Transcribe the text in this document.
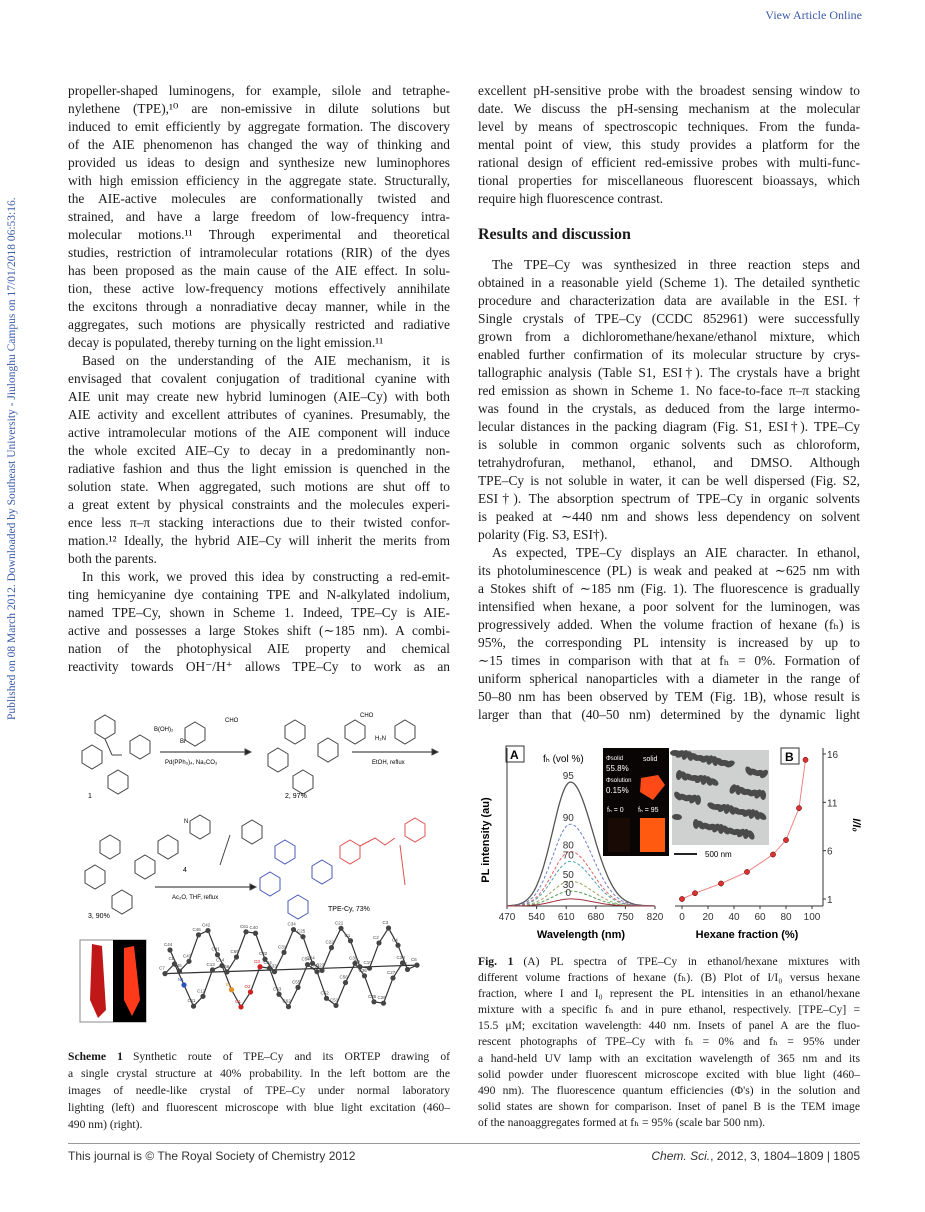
View Article Online
Published on 08 March 2012. Downloaded by Southeast University - Jiulonghu Campus on 17/01/2018 06:53:16.
propeller-shaped luminogens, for example, silole and tetraphe-
nylethene (TPE),¹⁰ are non-emissive in dilute solutions but
induced to emit efficiently by aggregate formation. The discovery
of the AIE phenomenon has changed the way of thinking and
provided us ideas to design and synthesize new luminophores
with high emission efficiency in the aggregate state. Structurally,
the AIE-active molecules are conformationally twisted and
strained, and have a large freedom of low-frequency intra-
molecular motions.¹¹ Through experimental and theoretical
studies, restriction of intramolecular rotations (RIR) of the dyes
has been proposed as the main cause of the AIE effect. In solu-
tion, these active low-frequency motions effectively annihilate
the excitons through a nonradiative decay manner, while in the
aggregates, such motions are physically restricted and radiative
decay is populated, thereby turning on the light emission.¹¹
Based on the understanding of the AIE mechanism, it is
envisaged that covalent conjugation of traditional cyanine with
AIE unit may create new hybrid luminogen (AIE–Cy) with both
AIE activity and excellent attributes of cyanines. Presumably, the
active intramolecular motions of the AIE component will induce
the whole excited AIE–Cy to decay in a predominantly non-
radiative fashion and thus the light emission is quenched in the
solution state. When aggregated, such motions are shut off to
a great extent by physical constraints and the molecules experi-
ence less π–π stacking interactions due to their twisted confor-
mation.¹² Ideally, the hybrid AIE–Cy will inherit the merits from
both the parents.
In this work, we proved this idea by constructing a red-emit-
ting hemicyanine dye containing TPE and N-alkylated indolium,
named TPE–Cy, shown in Scheme 1. Indeed, TPE–Cy is AIE-
active and possesses a large Stokes shift (∼185 nm). A combi-
nation of the photophysical AIE property and chemical
reactivity towards OH⁻/H⁺ allows TPE–Cy to work as an
excellent pH-sensitive probe with the broadest sensing window to
date. We discuss the pH-sensing mechanism at the molecular
level by means of spectroscopic techniques. From the funda-
mental point of view, this study provides a platform for the
rational design of efficient red-emissive probes with multi-func-
tional properties for miscellaneous fluorescent bioassays, which
require high fluorescence contrast.
Results and discussion
The TPE–Cy was synthesized in three reaction steps and
obtained in a reasonable yield (Scheme 1). The detailed synthetic
procedure and characterization data are available in the ESI.†
Single crystals of TPE–Cy (CCDC 852961) were successfully
grown from a dichloromethane/hexane/ethanol mixture, which
enabled further confirmation of its molecular structure by crys-
tallographic analysis (Table S1, ESI†). The crystals have a bright
red emission as shown in Scheme 1. No face-to-face π–π stacking
was found in the crystals, as deduced from the large intermo-
lecular distances in the packing diagram (Fig. S1, ESI†). TPE–Cy
is soluble in common organic solvents such as chloroform,
tetrahydrofuran, methanol, ethanol, and DMSO. Although
TPE–Cy is not soluble in water, it can be well dispersed (Fig. S2,
ESI†). The absorption spectrum of TPE–Cy in organic solvents
is peaked at ∼440 nm and shows less dependency on solvent
polarity (Fig. S3, ESI†).
As expected, TPE–Cy displays an AIE character. In ethanol,
its photoluminescence (PL) is weak and peaked at ∼625 nm with
a Stokes shift of ∼185 nm (Fig. 1). The fluorescence is gradually
intensified when hexane, a poor solvent for the luminogen, was
progressively added. When the volume fraction of hexane (fₕ) is
95%, the corresponding PL intensity is increased by up to
∼15 times in comparison with that at fₕ = 0%. Formation of
uniform spherical nanoparticles with a diameter in the range of
50–80 nm has been observed by TEM (Fig. 1B), whose result is
larger than that (40–50 nm) determined by the dynamic light
1	2, 97%
3, 90%
4
TPE-Cy, 73%
B(OH)₂
Br
CHO
CHO
H₂N
N
Pd(PPh₃)₄, Na₂CO₃	EtOH, reflux
Ac₂O, THF, reflux
C44
C45
C43
C46
C42
C41
C66
C65
C61 C40
C32
C33
C31
C34
C25
C24
C23
C22
C21
C1
C9 C10
C2
C3
C4
C5
C6
C7
C8
N1
C11
C12
C13
C14
S1
O1
O2
O3 C64
C63
C62
C55
C54
C53
C52
C51
C56
C30
C36
C35 C26
C27
C28
Scheme 1 Synthetic route of TPE–Cy and its ORTEP drawing of
a single crystal structure at 40% probability. In the left bottom are the
images of needle-like crystal of TPE–Cy under normal laboratory
lighting (left) and fluorescent microscope with blue light excitation (460–
490 nm) (right).
A
470 540 610 680 750 820
Wavelength (nm)
PL intensity (au)
fₕ (vol %)
95
90
80
70
50
30
0
Φsolid
55.8%
Φsolution
0.15%
solid
fₕ = 0 fₕ = 95
500 nm
B
0 20 40 60 80 100
1
6
11
16
Hexane fraction (%)
I/I₀
Fig. 1 (A) PL spectra of TPE–Cy in ethanol/hexane mixtures with
different volume fractions of hexane (fₕ). (B) Plot of I/I₀ versus hexane
fraction, where I and I₀ represent the PL intensities in an ethanol/hexane
mixture with a specific fₕ and in pure ethanol, respectively. [TPE–Cy] =
15.5 μM; excitation wavelength: 440 nm. Insets of panel A are the fluo-
rescent photographs of TPE–Cy with fₕ = 0% and fₕ = 95% under
a hand-held UV lamp with an excitation wavelength of 365 nm and its
solid powder under fluorescent microscope excited with blue light (460–
490 nm). The fluorescence quantum efficiencies (Φ's) in the solution and
solid states are shown for comparison. Inset of panel B is the TEM image
of the nanoaggregates formed at fₕ = 95% (scale bar 500 nm).
This journal is © The Royal Society of Chemistry 2012	Chem. Sci., 2012, 3, 1804–1809 | 1805
